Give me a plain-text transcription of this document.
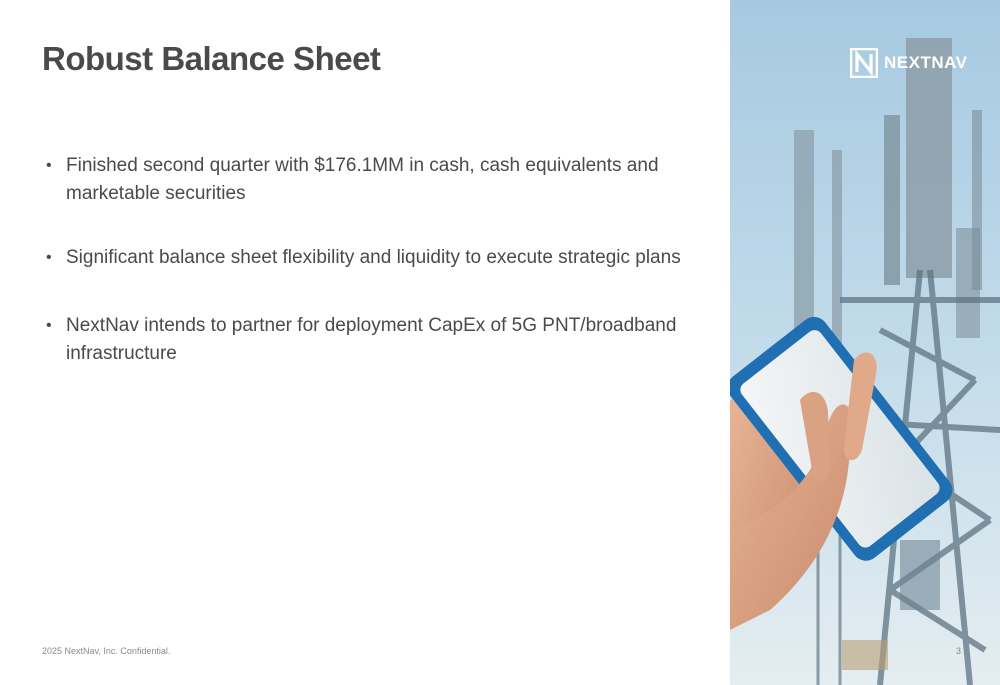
Robust Balance Sheet
• Finished second quarter with $176.1MM in cash, cash equivalents and marketable securities
• Significant balance sheet flexibility and liquidity to execute strategic plans
• NextNav intends to partner for deployment CapEx of 5G PNT/broadband infrastructure
2025 NextNav, Inc. Confidential.	3
NEXTNAV
